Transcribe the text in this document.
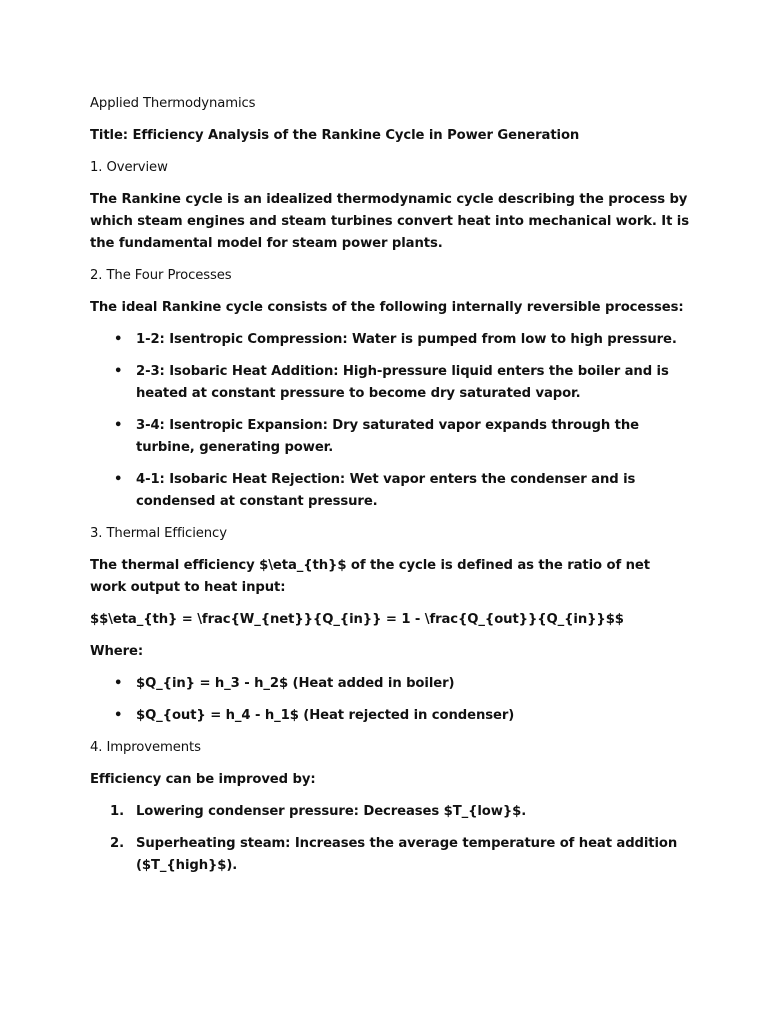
Applied Thermodynamics

Title: Efficiency Analysis of the Rankine Cycle in Power Generation

1. Overview

The Rankine cycle is an idealized thermodynamic cycle describing the process by which steam engines and steam turbines convert heat into mechanical work. It is the fundamental model for steam power plants.

2. The Four Processes

The ideal Rankine cycle consists of the following internally reversible processes:

• 1-2: Isentropic Compression: Water is pumped from low to high pressure.
• 2-3: Isobaric Heat Addition: High-pressure liquid enters the boiler and is heated at constant pressure to become dry saturated vapor.
• 3-4: Isentropic Expansion: Dry saturated vapor expands through the turbine, generating power.
• 4-1: Isobaric Heat Rejection: Wet vapor enters the condenser and is condensed at constant pressure.

3. Thermal Efficiency

The thermal efficiency $\eta_{th}$ of the cycle is defined as the ratio of net work output to heat input:

$$\eta_{th} = \frac{W_{net}}{Q_{in}} = 1 - \frac{Q_{out}}{Q_{in}}$$

Where:

• $Q_{in} = h_3 - h_2$ (Heat added in boiler)
• $Q_{out} = h_4 - h_1$ (Heat rejected in condenser)

4. Improvements

Efficiency can be improved by:

1. Lowering condenser pressure: Decreases $T_{low}$.
2. Superheating steam: Increases the average temperature of heat addition ($T_{high}$).
